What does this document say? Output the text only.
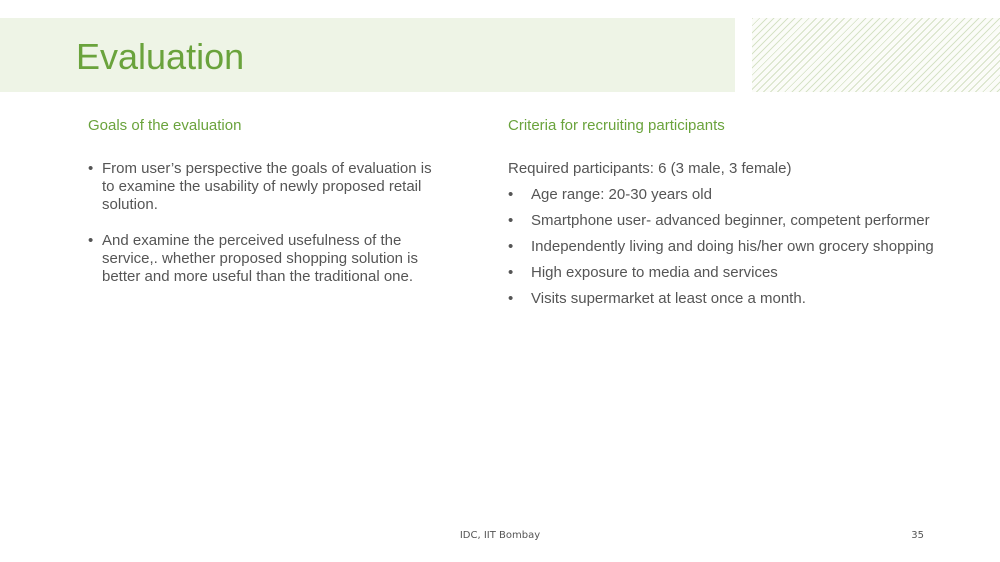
Evaluation
Goals of the evaluation
• From user’s perspective the goals of evaluation is to examine the usability of newly proposed retail solution.
• And examine the perceived usefulness of the service,. whether proposed shopping solution is better and more useful than the traditional one.
Criteria for recruiting participants

Required participants: 6 (3 male, 3 female)

• Age range: 20-30 years old
• Smartphone user- advanced beginner, competent performer
• Independently living and doing his/her own grocery shopping
• High exposure to media and services
• Visits supermarket at least once a month.
IDC, IIT Bombay	35
